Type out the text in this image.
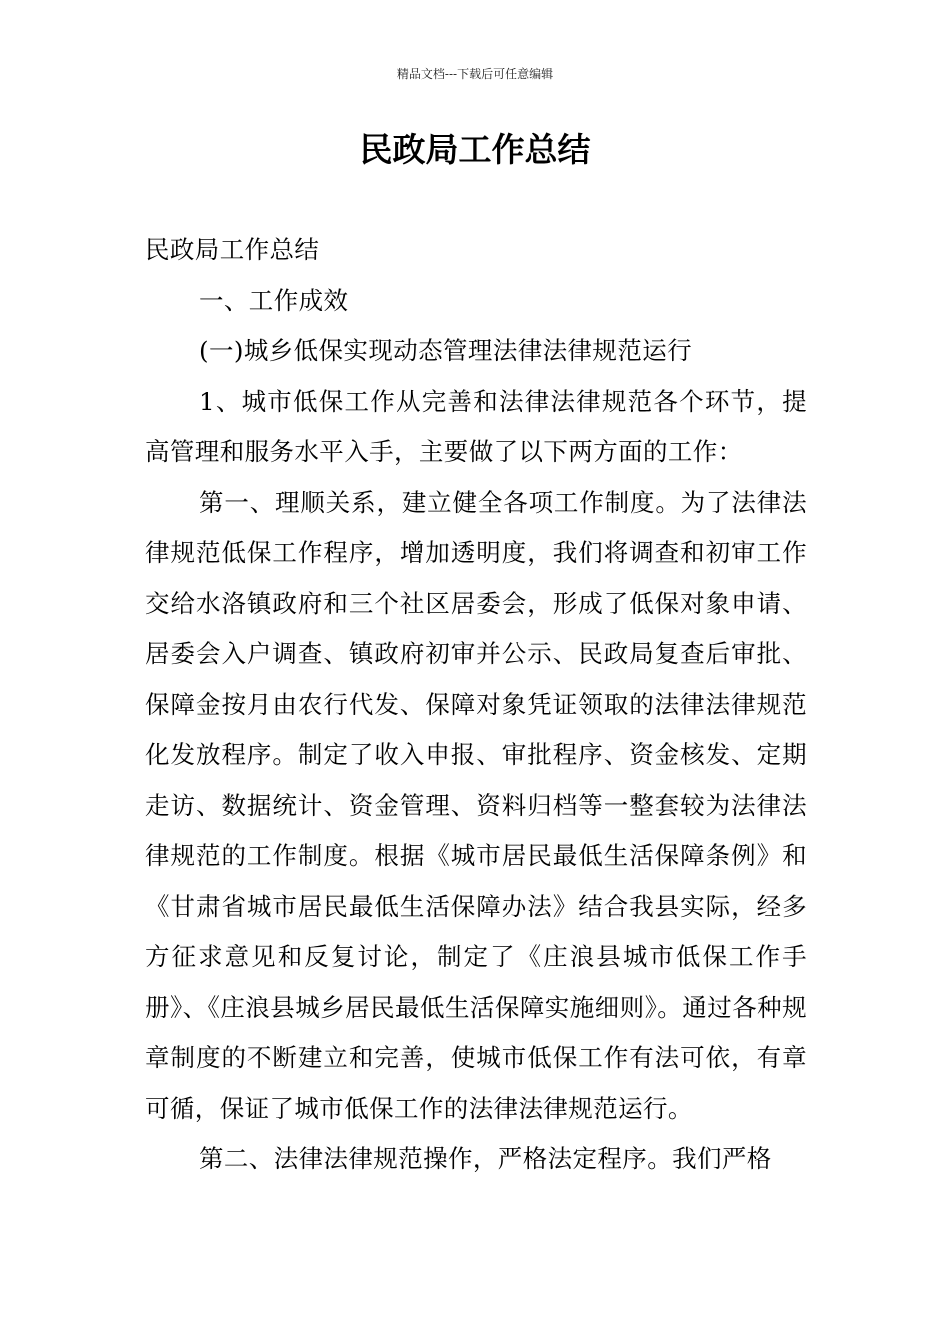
精品文档---下载后可任意编辑
民政局工作总结

民政局工作总结

一、工作成效

(一)城乡低保实现动态管理法律法律规范运行

1、城市低保工作从完善和法律法律规范各个环节，提高管理和服务水平入手，主要做了以下两方面的工作：

第一、理顺关系，建立健全各项工作制度。为了法律法律规范低保工作程序，增加透明度，我们将调查和初审工作交给水洛镇政府和三个社区居委会，形成了低保对象申请、居委会入户调查、镇政府初审并公示、民政局复查后审批、保障金按月由农行代发、保障对象凭证领取的法律法律规范化发放程序。制定了收入申报、审批程序、资金核发、定期走访、数据统计、资金管理、资料归档等一整套较为法律法律规范的工作制度。根据《城市居民最低生活保障条例》和《甘肃省城市居民最低生活保障办法》结合我县实际，经多方征求意见和反复讨论，制定了《庄浪县城市低保工作手册》、《庄浪县城乡居民最低生活保障实施细则》。通过各种规章制度的不断建立和完善，使城市低保工作有法可依，有章可循，保证了城市低保工作的法律法律规范运行。

第二、法律法律规范操作，严格法定程序。我们严格
